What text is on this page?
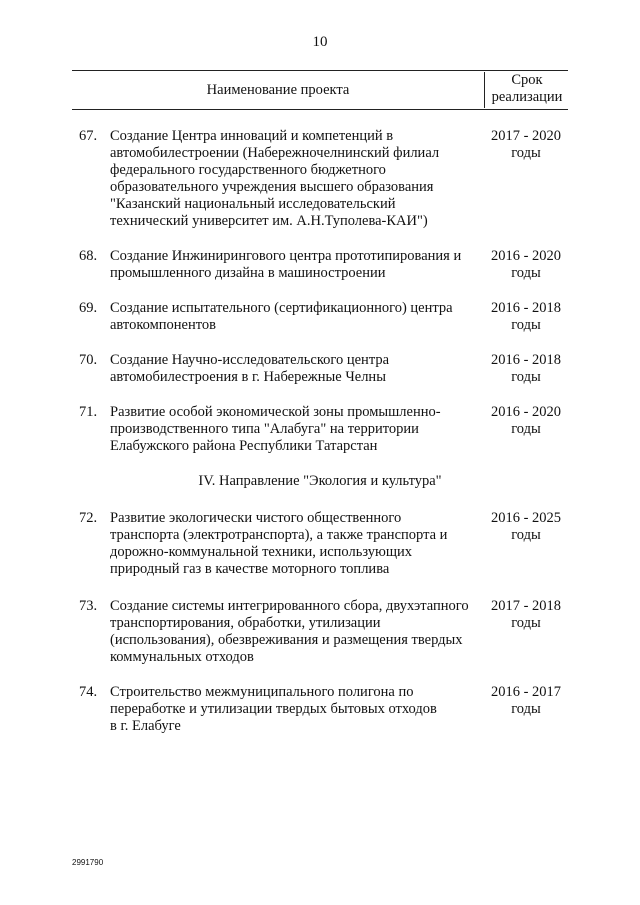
10
Наименование проекта
Срок
реализации
67. Создание Центра инноваций и компетенций в
автомобилестроении (Набережночелнинский филиал
федерального государственного бюджетного
образовательного учреждения высшего образования
"Казанский национальный исследовательский
технический университет им. А.Н.Туполева-КАИ")
2017 - 2020
годы
68. Создание Инжинирингового центра прототипирования и
промышленного дизайна в машиностроении
2016 - 2020
годы
69. Создание испытательного (сертификационного) центра
автокомпонентов
2016 - 2018
годы
70. Создание Научно-исследовательского центра
автомобилестроения в г. Набережные Челны
2016 - 2018
годы
71. Развитие особой экономической зоны промышленно-
производственного типа "Алабуга" на территории
Елабужского района Республики Татарстан
2016 - 2020
годы
IV. Направление "Экология и культура"
72. Развитие экологически чистого общественного
транспорта (электротранспорта), а также транспорта и
дорожно-коммунальной техники, использующих
природный газ в качестве моторного топлива
2016 - 2025
годы
73. Создание системы интегрированного сбора, двухэтапного
транспортирования, обработки, утилизации
(использования), обезвреживания и размещения твердых
коммунальных отходов
2017 - 2018
годы
74. Строительство межмуниципального полигона по
переработке и утилизации твердых бытовых отходов
в г. Елабуге
2016 - 2017
годы
2991790
